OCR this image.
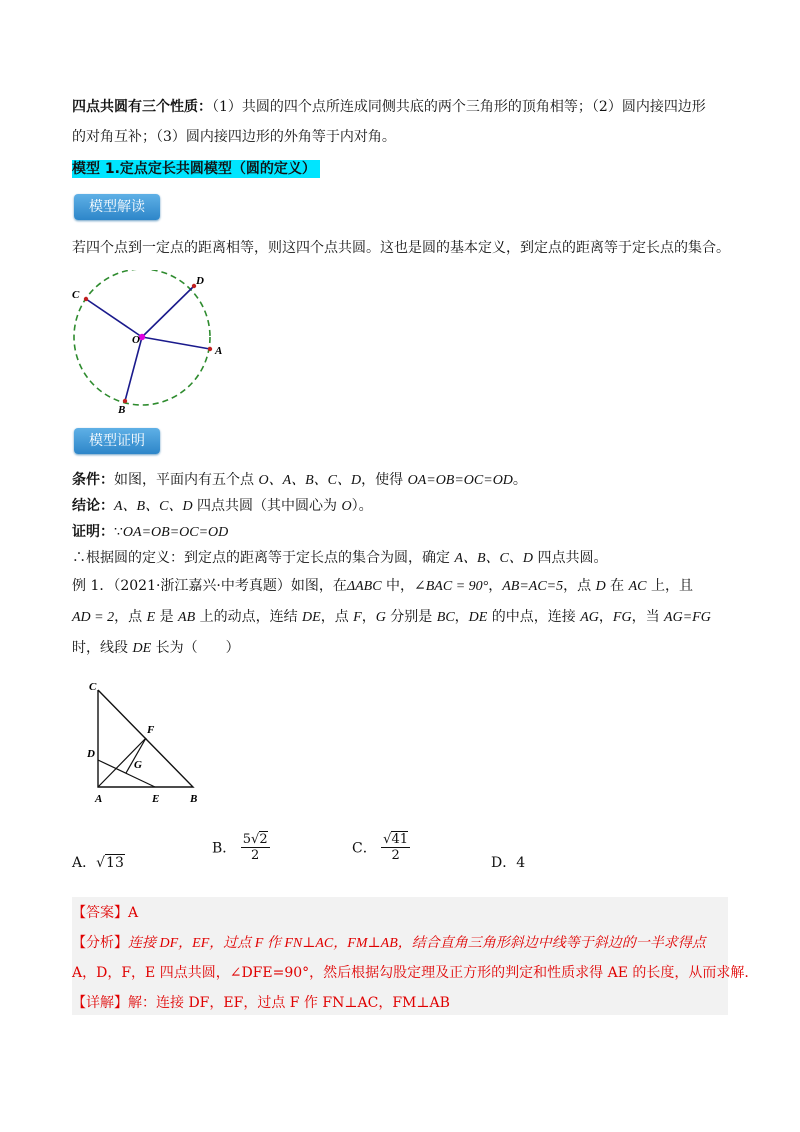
四点共圆有三个性质：（1）共圆的四个点所连成同侧共底的两个三角形的顶角相等；（2）圆内接四边形
的对角互补；（3）圆内接四边形的外角等于内对角。
模型 1.定点定长共圆模型（圆的定义）
模型解读
若四个点到一定点的距离相等，则这四个点共圆。这也是圆的基本定义，到定点的距离等于定长点的集合。
C
D
O
A
B
模型证明
条件：如图，平面内有五个点 O、A、B、C、D，使得 OA=OB=OC=OD。
结论：A、B、C、D 四点共圆（其中圆心为 O）。
证明：∵OA=OB=OC=OD
∴根据圆的定义：到定点的距离等于定长点的集合为圆，确定 A、B、C、D 四点共圆。
例 1．（2021·浙江嘉兴·中考真题）如图，在ΔABC 中，∠BAC = 90°，AB=AC=5，点 D 在 AC 上，且
AD = 2，点 E 是 AB 上的动点，连结 DE，点 F，G 分别是 BC，DE 的中点，连接 AG，FG，当 AG=FG
时，线段 DE 长为（　　）
C
F
D
G
A	E	B
A．√13
B． $\frac{5√2}{2}$	C． $\frac{√41}{2}$	D．4
【答案】A
【分析】连接 DF，EF，过点 F 作 FN⊥AC，FM⊥AB，结合直角三角形斜边中线等于斜边的一半求得点
A，D，F，E 四点共圆，∠DFE=90°，然后根据勾股定理及正方形的判定和性质求得 AE 的长度，从而求解.
【详解】解：连接 DF，EF，过点 F 作 FN⊥AC，FM⊥AB
